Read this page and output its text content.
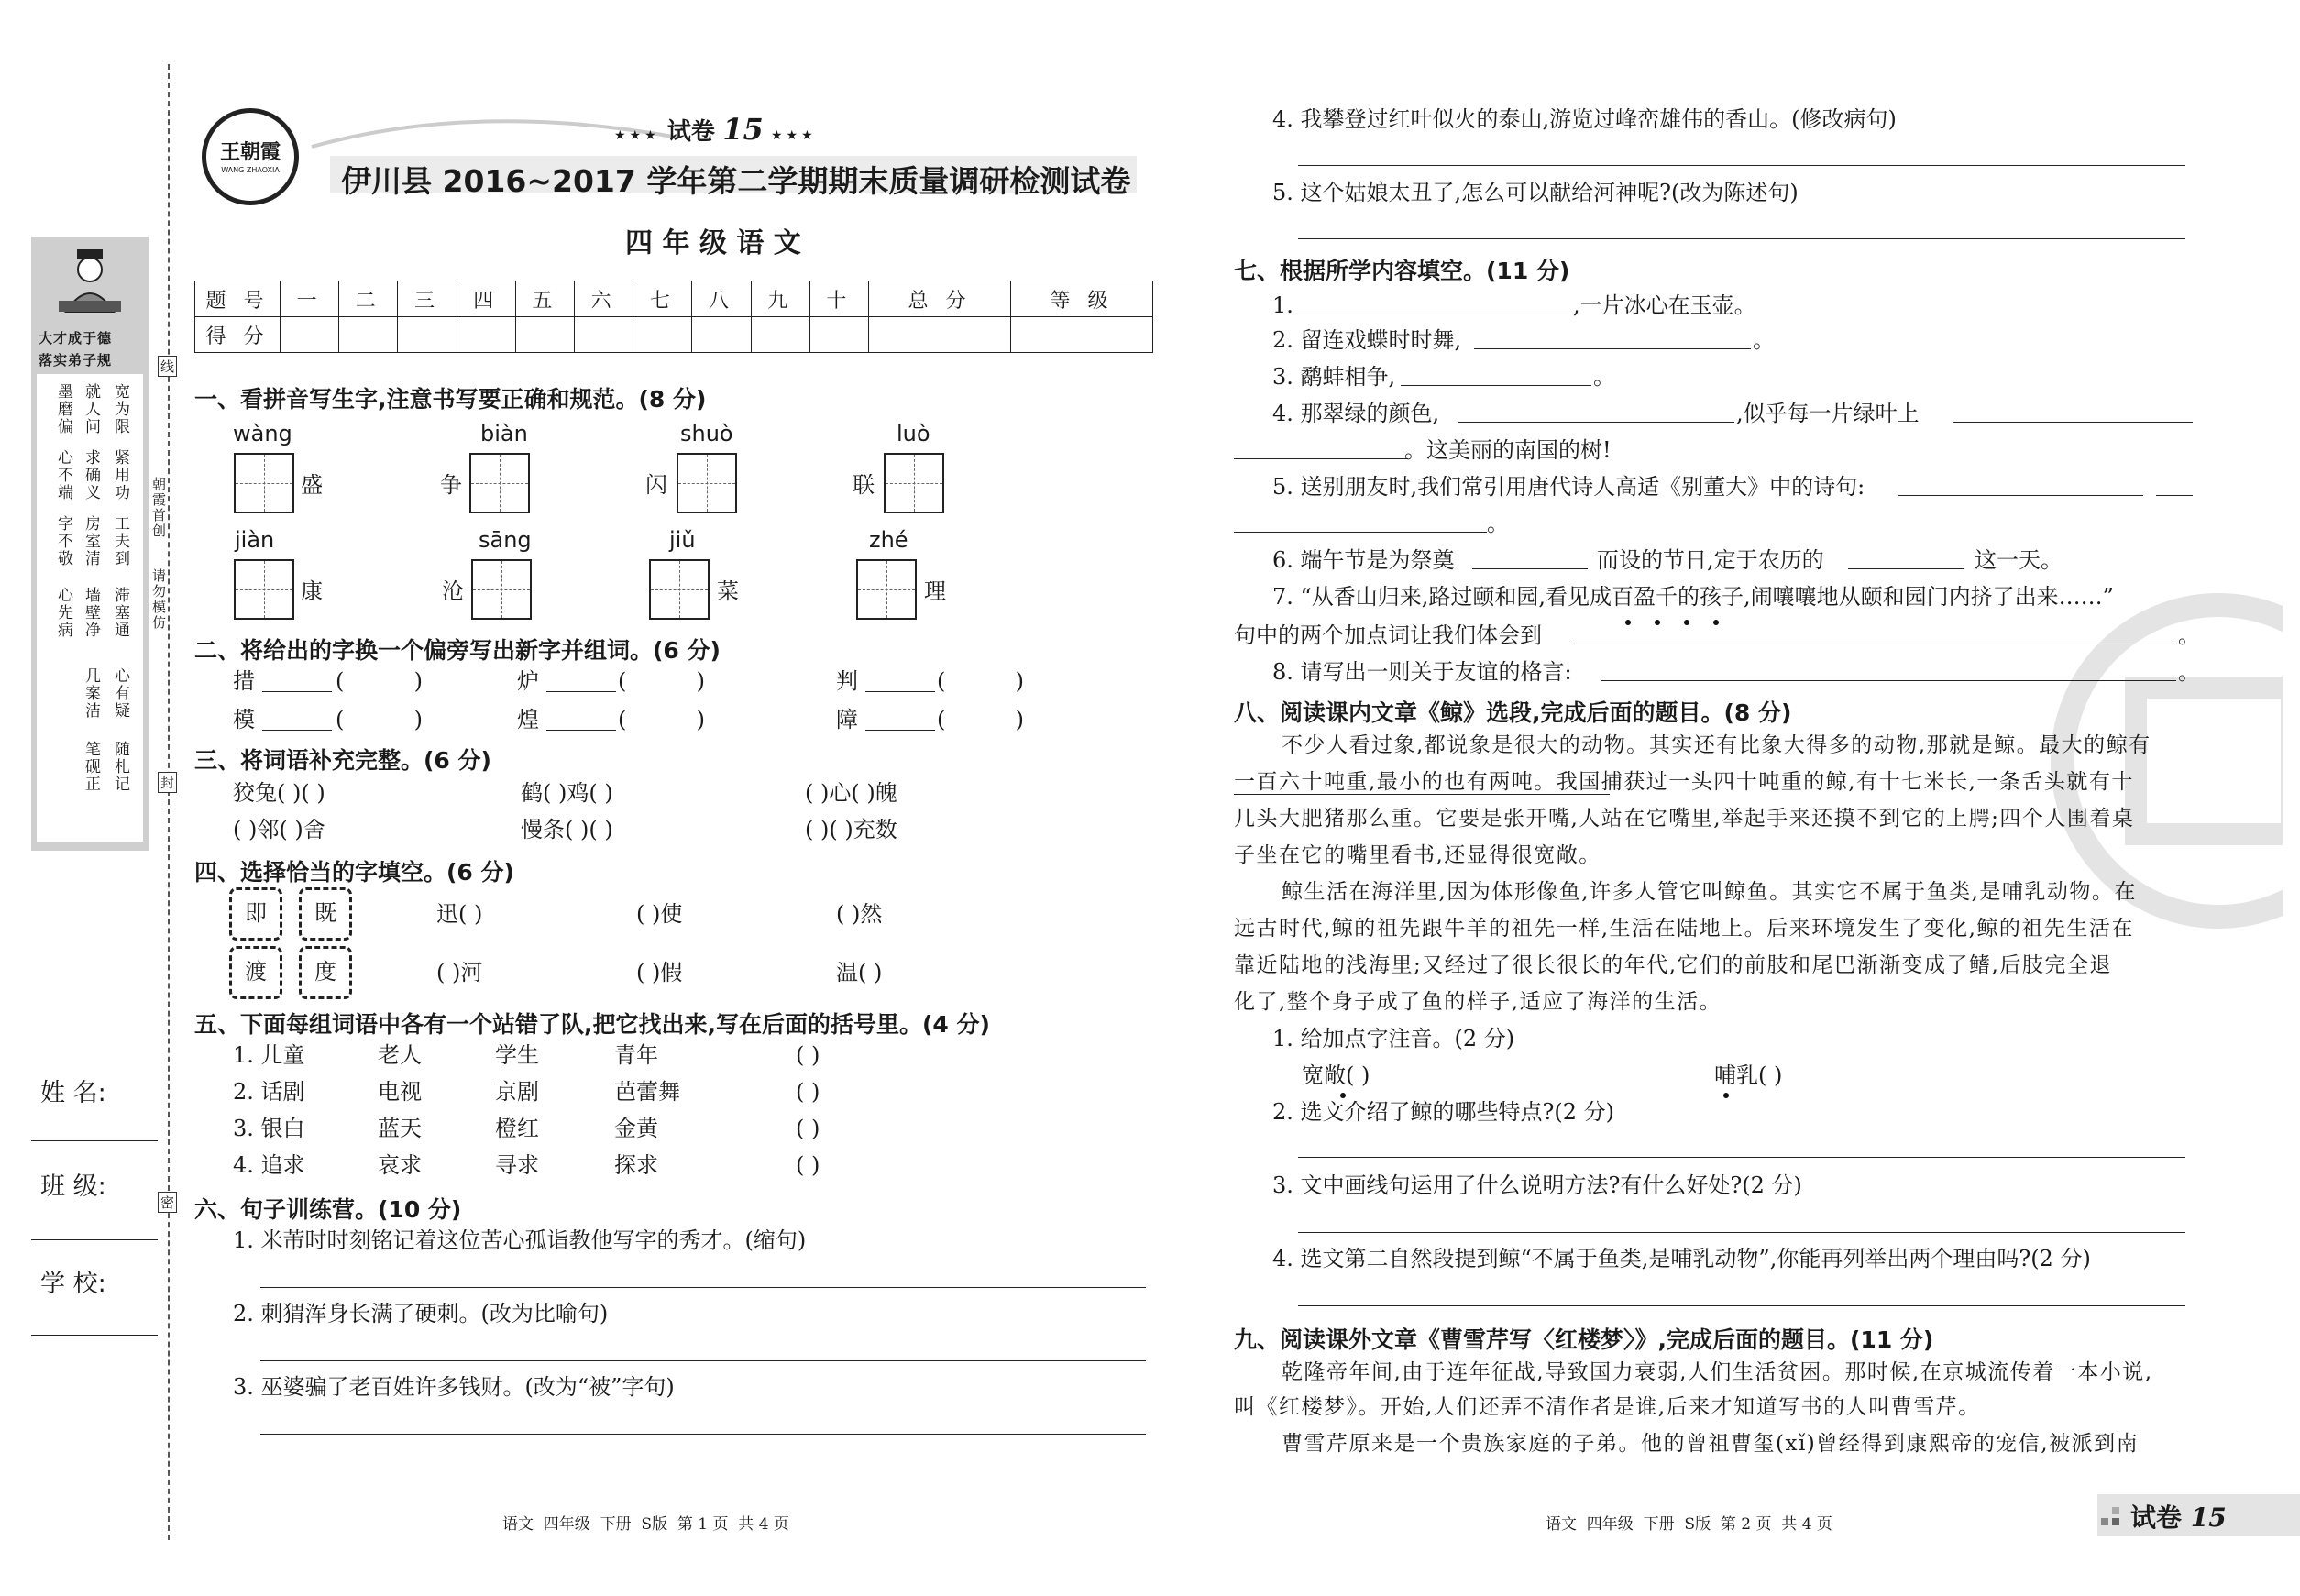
大才成于德
落实弟子规
宽为限
紧用功
工夫到
滞塞通
心有疑
随札记
就人问
求确义
房室清
墙壁净
几案洁
笔砚正
墨磨偏
心不端
字不敬
心先病
朝霞首创
请勿模仿
线
封
密
姓 名:
班 级:
学 校:
王朝霞
WANG ZHAOXIA
★★★ 试卷 15 ★★★
伊川县 2016~2017 学年第二学期期末质量调研检测试卷
四 年 级 语 文
题 号	一	二	三	四	五	六	七	八	九	十	总 分	等 级
得 分												
一、看拼音写生字,注意书写要正确和规范。(8 分)
wàng	biàn	shuò	luò
盛	争	闪	联
jiàn	sāng	jiǔ	zhé
康	沧	菜	理
二、将给出的字换一个偏旁写出新字并组词。(6 分)
措	(          )	炉	(          )	判	(          )
模	(          )	煌	(          )	障	(          )
三、将词语补充完整。(6 分)
狡兔( )( )	鹤( )鸡( )	( )心( )魄
( )邻( )舍	慢条( )( )	( )( )充数
四、选择恰当的字填空。(6 分)
即	既
渡	度
迅( )	( )使	( )然
( )河	( )假	温( )
五、下面每组词语中各有一个站错了队,把它找出来,写在后面的括号里。(4 分)
1. 儿童	老人	学生	青年	( )
2. 话剧	电视	京剧	芭蕾舞	( )
3. 银白	蓝天	橙红	金黄	( )
4. 追求	哀求	寻求	探求	( )
六、句子训练营。(10 分)
1. 米芾时时刻铭记着这位苦心孤诣教他写字的秀才。(缩句)
2. 刺猬浑身长满了硬刺。(改为比喻句)
3. 巫婆骗了老百姓许多钱财。(改为“被”字句)
语文  四年级  下册  S版  第 1 页  共 4 页
4. 我攀登过红叶似火的泰山,游览过峰峦雄伟的香山。(修改病句)
5. 这个姑娘太丑了,怎么可以献给河神呢?(改为陈述句)
七、根据所学内容填空。(11 分)
1.	,一片冰心在玉壶。
2. 留连戏蝶时时舞,	。
3. 鹬蚌相争,	。
4. 那翠绿的颜色,	,似乎每一片绿叶上
。这美丽的南国的树!
5. 送别朋友时,我们常引用唐代诗人高适《别董大》中的诗句:
。
6. 端午节是为祭奠	而设的节日,定于农历的	这一天。
7. “从香山归来,路过颐和园,看见成百盈千的孩子,闹嚷嚷地从颐和园门内挤了出来……”
句中的两个加点词让我们体会到	。
8. 请写出一则关于友谊的格言:	。
八、阅读课内文章《鲸》选段,完成后面的题目。(8 分)
不少人看过象,都说象是很大的动物。其实还有比象大得多的动物,那就是鲸。最大的鲸有
一百六十吨重,最小的也有两吨。我国捕获过一头四十吨重的鲸,有十七米长,一条舌头就有十
几头大肥猪那么重。它要是张开嘴,人站在它嘴里,举起手来还摸不到它的上腭;四个人围着桌
子坐在它的嘴里看书,还显得很宽敞。
鲸生活在海洋里,因为体形像鱼,许多人管它叫鲸鱼。其实它不属于鱼类,是哺乳动物。在
远古时代,鲸的祖先跟牛羊的祖先一样,生活在陆地上。后来环境发生了变化,鲸的祖先生活在
靠近陆地的浅海里;又经过了很长很长的年代,它们的前肢和尾巴渐渐变成了鳍,后肢完全退
化了,整个身子成了鱼的样子,适应了海洋的生活。
1. 给加点字注音。(2 分)
宽敞( )	哺乳( )
2. 选文介绍了鲸的哪些特点?(2 分)
3. 文中画线句运用了什么说明方法?有什么好处?(2 分)
4. 选文第二自然段提到鲸“不属于鱼类,是哺乳动物”,你能再列举出两个理由吗?(2 分)
九、阅读课外文章《曹雪芹写〈红楼梦〉》,完成后面的题目。(11 分)
乾隆帝年间,由于连年征战,导致国力衰弱,人们生活贫困。那时候,在京城流传着一本小说,
叫《红楼梦》。开始,人们还弄不清作者是谁,后来才知道写书的人叫曹雪芹。
曹雪芹原来是一个贵族家庭的子弟。他的曾祖曹玺(xǐ)曾经得到康熙帝的宠信,被派到南
语文  四年级  下册  S版  第 2 页  共 4 页	试卷 15
